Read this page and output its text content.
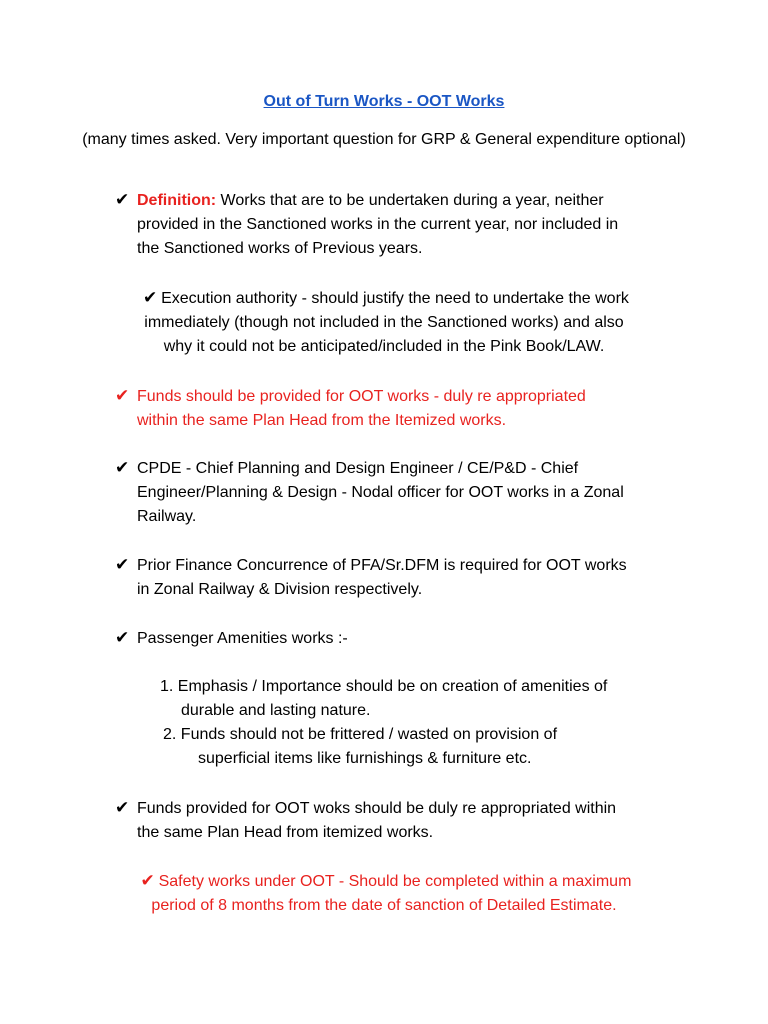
Out of Turn Works - OOT Works
(many times asked. Very important question for GRP & General expenditure optional)
✔ Definition: Works that are to be undertaken during a year, neither
provided in the Sanctioned works in the current year, nor included in
the Sanctioned works of Previous years.
✔ Execution authority - should justify the need to undertake the work
immediately (though not included in the Sanctioned works) and also
why it could not be anticipated/included in the Pink Book/LAW.
✔ Funds should be provided for OOT works - duly re appropriated
within the same Plan Head from the Itemized works.
✔ CPDE - Chief Planning and Design Engineer / CE/P&D - Chief
Engineer/Planning & Design - Nodal officer for OOT works in a Zonal
Railway.
✔ Prior Finance Concurrence of PFA/Sr.DFM is required for OOT works
in Zonal Railway & Division respectively.
✔ Passenger Amenities works :-
1. Emphasis / Importance should be on creation of amenities of
durable and lasting nature.
2. Funds should not be frittered / wasted on provision of
superficial items like furnishings & furniture etc.
✔ Funds provided for OOT woks should be duly re appropriated within
the same Plan Head from itemized works.
✔ Safety works under OOT - Should be completed within a maximum
period of 8 months from the date of sanction of Detailed Estimate.
